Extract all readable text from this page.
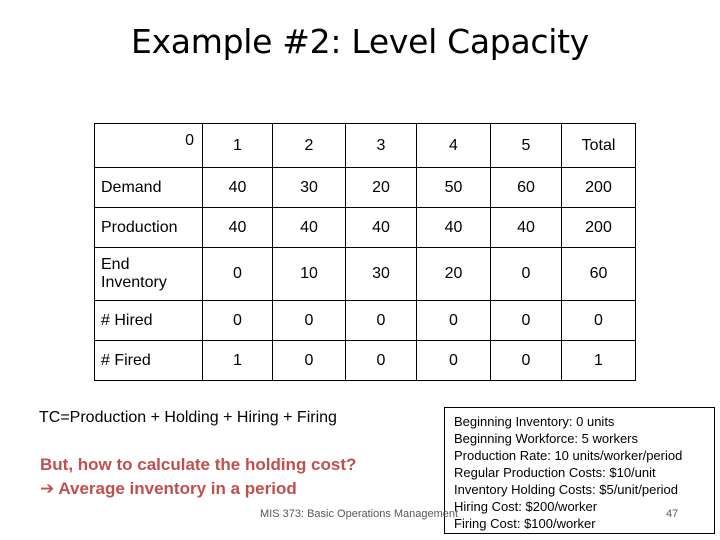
Example #2: Level Capacity
0	1	2	3	4	5	Total
Demand	40	30	20	50	60	200
Production	40	40	40	40	40	200
End Inventory	0	10	30	20	0	60
# Hired	0	0	0	0	0	0
# Fired	1	0	0	0	0	1
TC=Production + Holding + Hiring + Firing
But, how to calculate the holding cost?
➔ Average inventory in a period
Beginning Inventory: 0 units
Beginning Workforce: 5 workers
Production Rate: 10 units/worker/period
Regular Production Costs: $10/unit
Inventory Holding Costs: $5/unit/period
Hiring Cost: $200/worker
Firing Cost: $100/worker
MIS 373: Basic Operations Management	47
